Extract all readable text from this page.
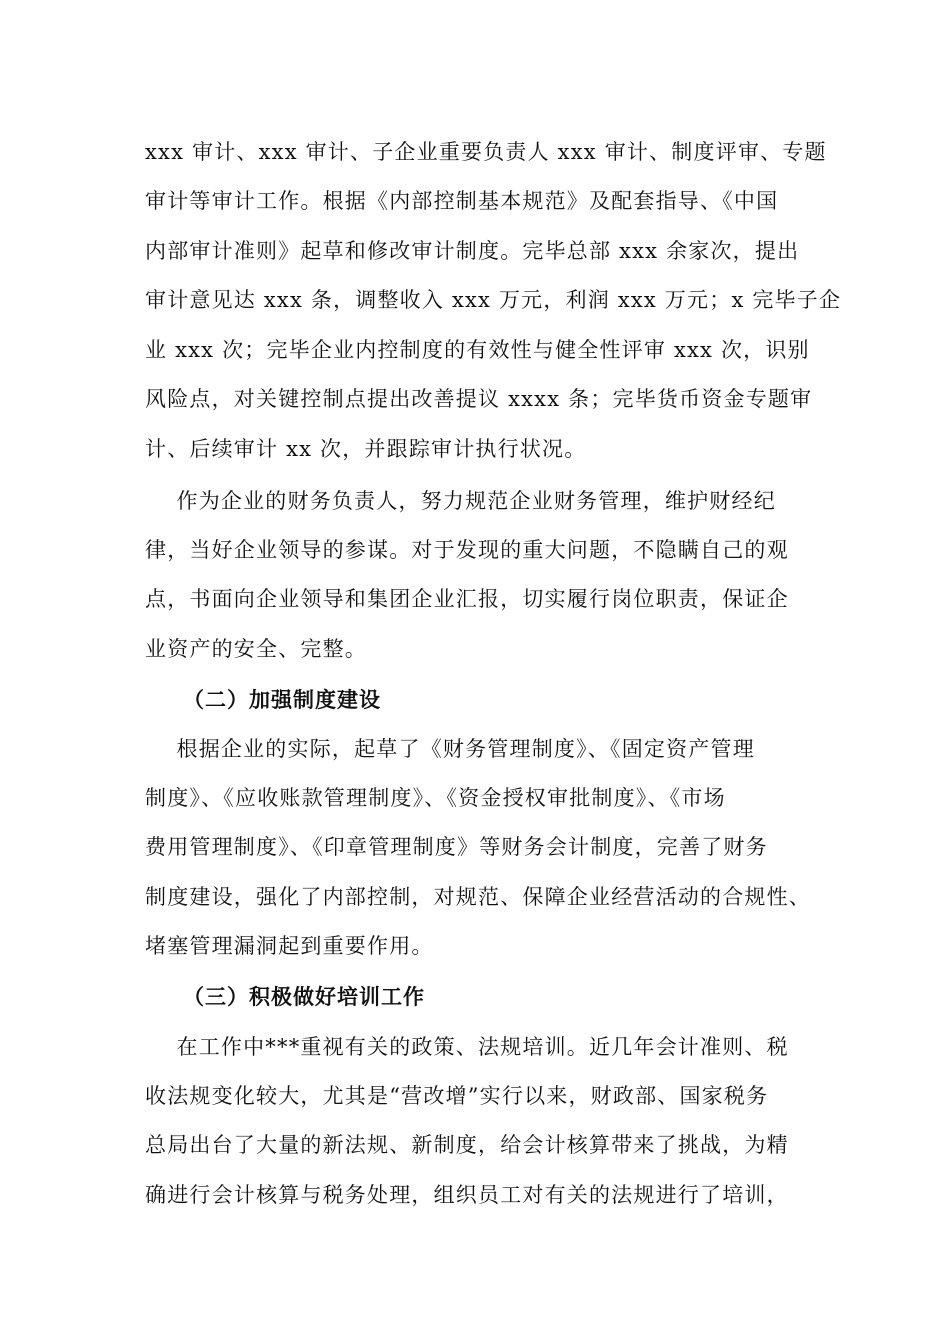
xxx 审计、xxx 审计、子企业重要负责人 xxx 审计、制度评审、专题
审计等审计工作。根据《内部控制基本规范》及配套指导、《中国
内部审计准则》起草和修改审计制度。完毕总部 xxx 余家次，提出
审计意见达 xxx 条，调整收入 xxx 万元，利润 xxx 万元；x 完毕子企
业 xxx 次；完毕企业内控制度的有效性与健全性评审 xxx 次，识别
风险点，对关键控制点提出改善提议 xxxx 条；完毕货币资金专题审
计、后续审计 xx 次，并跟踪审计执行状况。
作为企业的财务负责人，努力规范企业财务管理，维护财经纪
律，当好企业领导的参谋。对于发现的重大问题，不隐瞒自己的观
点，书面向企业领导和集团企业汇报，切实履行岗位职责，保证企
业资产的安全、完整。
（二）加强制度建设
根据企业的实际，起草了《财务管理制度》、《固定资产管理
制度》、《应收账款管理制度》、《资金授权审批制度》、《市场
费用管理制度》、《印章管理制度》等财务会计制度，完善了财务
制度建设，强化了内部控制，对规范、保障企业经营活动的合规性、
堵塞管理漏洞起到重要作用。
（三）积极做好培训工作
在工作中***重视有关的政策、法规培训。近几年会计准则、税
收法规变化较大，尤其是“营改增”实行以来，财政部、国家税务
总局出台了大量的新法规、新制度，给会计核算带来了挑战，为精
确进行会计核算与税务处理，组织员工对有关的法规进行了培训，
